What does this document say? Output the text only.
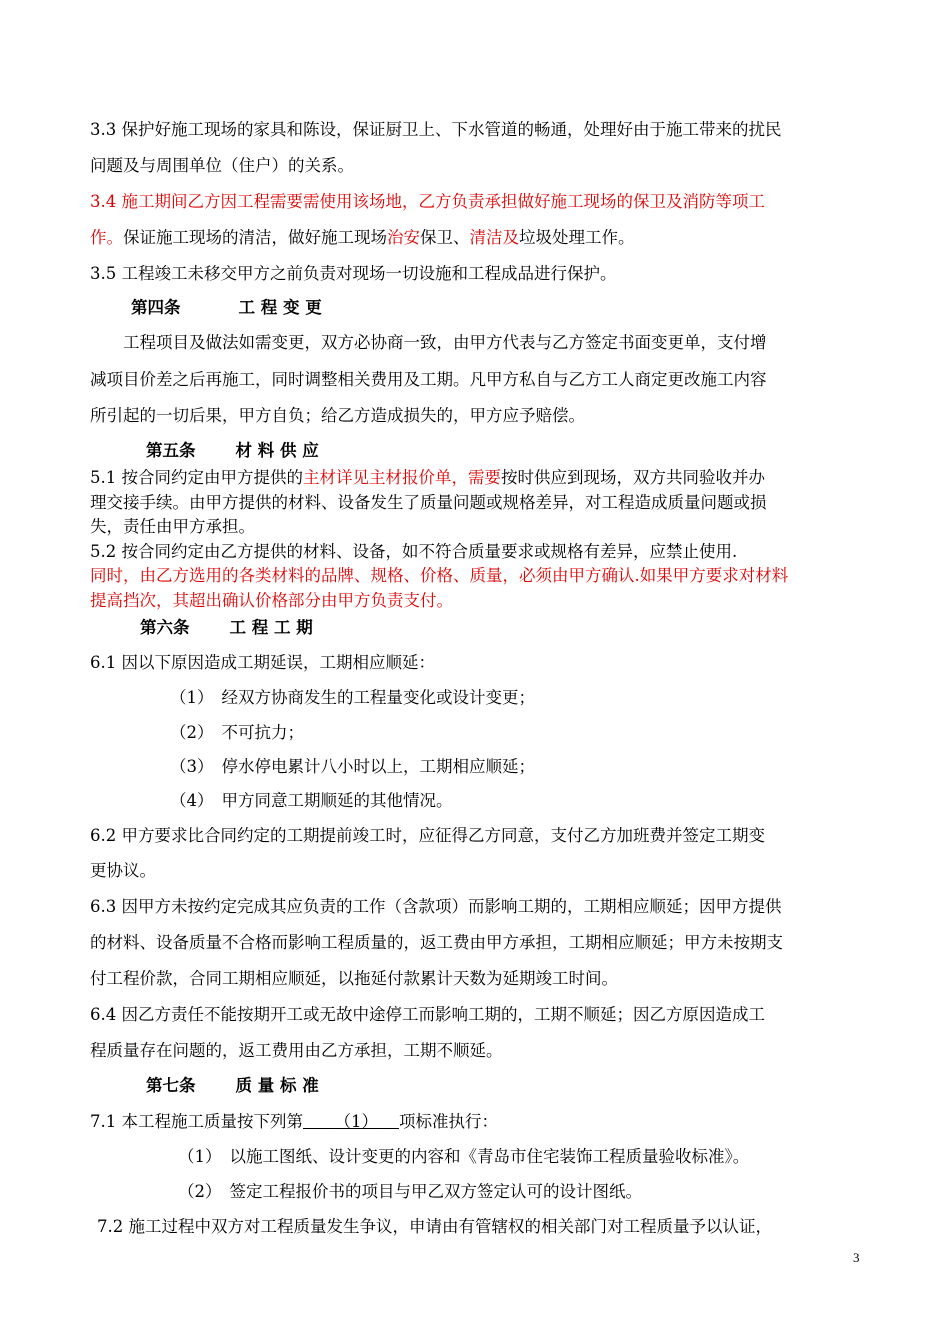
3.3 保护好施工现场的家具和陈设，保证厨卫上、下水管道的畅通，处理好由于施工带来的扰民
问题及与周围单位（住户）的关系。
3.4 施工期间乙方因工程需要需使用该场地，乙方负责承担做好施工现场的保卫及消防等项工
作。保证施工现场的清洁，做好施工现场治安保卫、清洁及垃圾处理工作。
3.5 工程竣工未移交甲方之前负责对现场一切设施和工程成品进行保护。
第四条	工 程 变 更
工程项目及做法如需变更，双方必协商一致，由甲方代表与乙方签定书面变更单，支付增
减项目价差之后再施工，同时调整相关费用及工期。凡甲方私自与乙方工人商定更改施工内容
所引起的一切后果，甲方自负；给乙方造成损失的，甲方应予赔偿。
第五条 材 料 供 应
5.1 按合同约定由甲方提供的主材详见主材报价单，需要按时供应到现场，双方共同验收并办
理交接手续。由甲方提供的材料、设备发生了质量问题或规格差异，对工程造成质量问题或损
失，责任由甲方承担。
5.2 按合同约定由乙方提供的材料、设备，如不符合质量要求或规格有差异，应禁止使用.
同时，由乙方选用的各类材料的品牌、规格、价格、质量，必须由甲方确认.如果甲方要求对材料
提高挡次，其超出确认价格部分由甲方负责支付。
第六条 工 程 工 期
6.1 因以下原因造成工期延误，工期相应顺延：
（1） 经双方协商发生的工程量变化或设计变更；
（2） 不可抗力；
（3） 停水停电累计八小时以上，工期相应顺延；
（4） 甲方同意工期顺延的其他情况。
6.2 甲方要求比合同约定的工期提前竣工时，应征得乙方同意，支付乙方加班费并签定工期变
更协议。
6.3 因甲方未按约定完成其应负责的工作（含款项）而影响工期的，工期相应顺延；因甲方提供
的材料、设备质量不合格而影响工程质量的，返工费由甲方承担，工期相应顺延；甲方未按期支
付工程价款，合同工期相应顺延，以拖延付款累计天数为延期竣工时间。
6.4 因乙方责任不能按期开工或无故中途停工而影响工期的，工期不顺延；因乙方原因造成工
程质量存在问题的，返工费用由乙方承担，工期不顺延。
第七条 质 量 标 准
7.1 本工程施工质量按下列第 （1） 项标准执行：
（1） 以施工图纸、设计变更的内容和《青岛市住宅装饰工程质量验收标准》。
（2） 签定工程报价书的项目与甲乙双方签定认可的设计图纸。
7.2 施工过程中双方对工程质量发生争议，申请由有管辖权的相关部门对工程质量予以认证，
3
